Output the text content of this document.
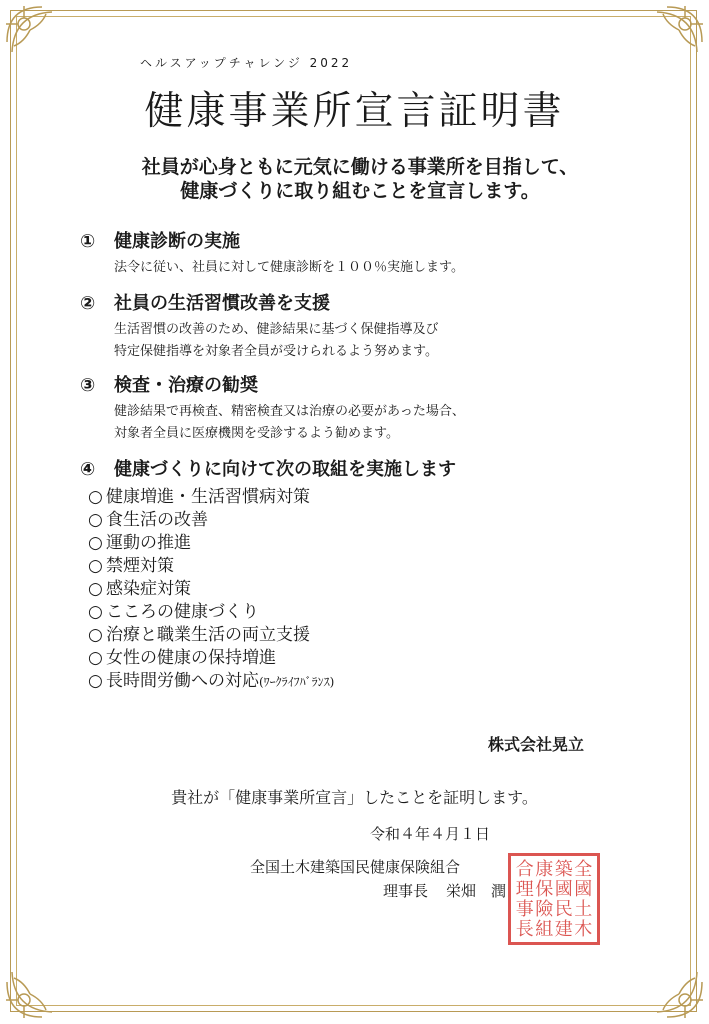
ヘルスアップチャレンジ 2022
健康事業所宣言証明書
社員が心身ともに元気に働ける事業所を目指して、
健康づくりに取り組むことを宣言します。
① 健康診断の実施
法令に従い、社員に対して健康診断を１００％実施します。
② 社員の生活習慣改善を支援
生活習慣の改善のため、健診結果に基づく保健指導及び
特定保健指導を対象者全員が受けられるよう努めます。
③ 検査・治療の勧奨
健診結果で再検査、精密検査又は治療の必要があった場合、
対象者全員に医療機関を受診するよう勧めます。
④ 健康づくりに向けて次の取組を実施します
○ 健康増進・生活習慣病対策
○ 食生活の改善
○ 運動の推進
○ 禁煙対策
○ 感染症対策
○ こころの健康づくり
○ 治療と職業生活の両立支援
○ 女性の健康の保持増進
○ 長時間労働への対応(ﾜｰｸﾗｲﾌﾊﾞﾗﾝｽ)
株式会社晃立
貴社が「健康事業所宣言」したことを証明します。
令和４年４月１日
全国土木建築国民健康保険組合
理事長 栄畑　潤
全
國
土
木
築
國
民
建
康
保
險
組
合
理
事
長
